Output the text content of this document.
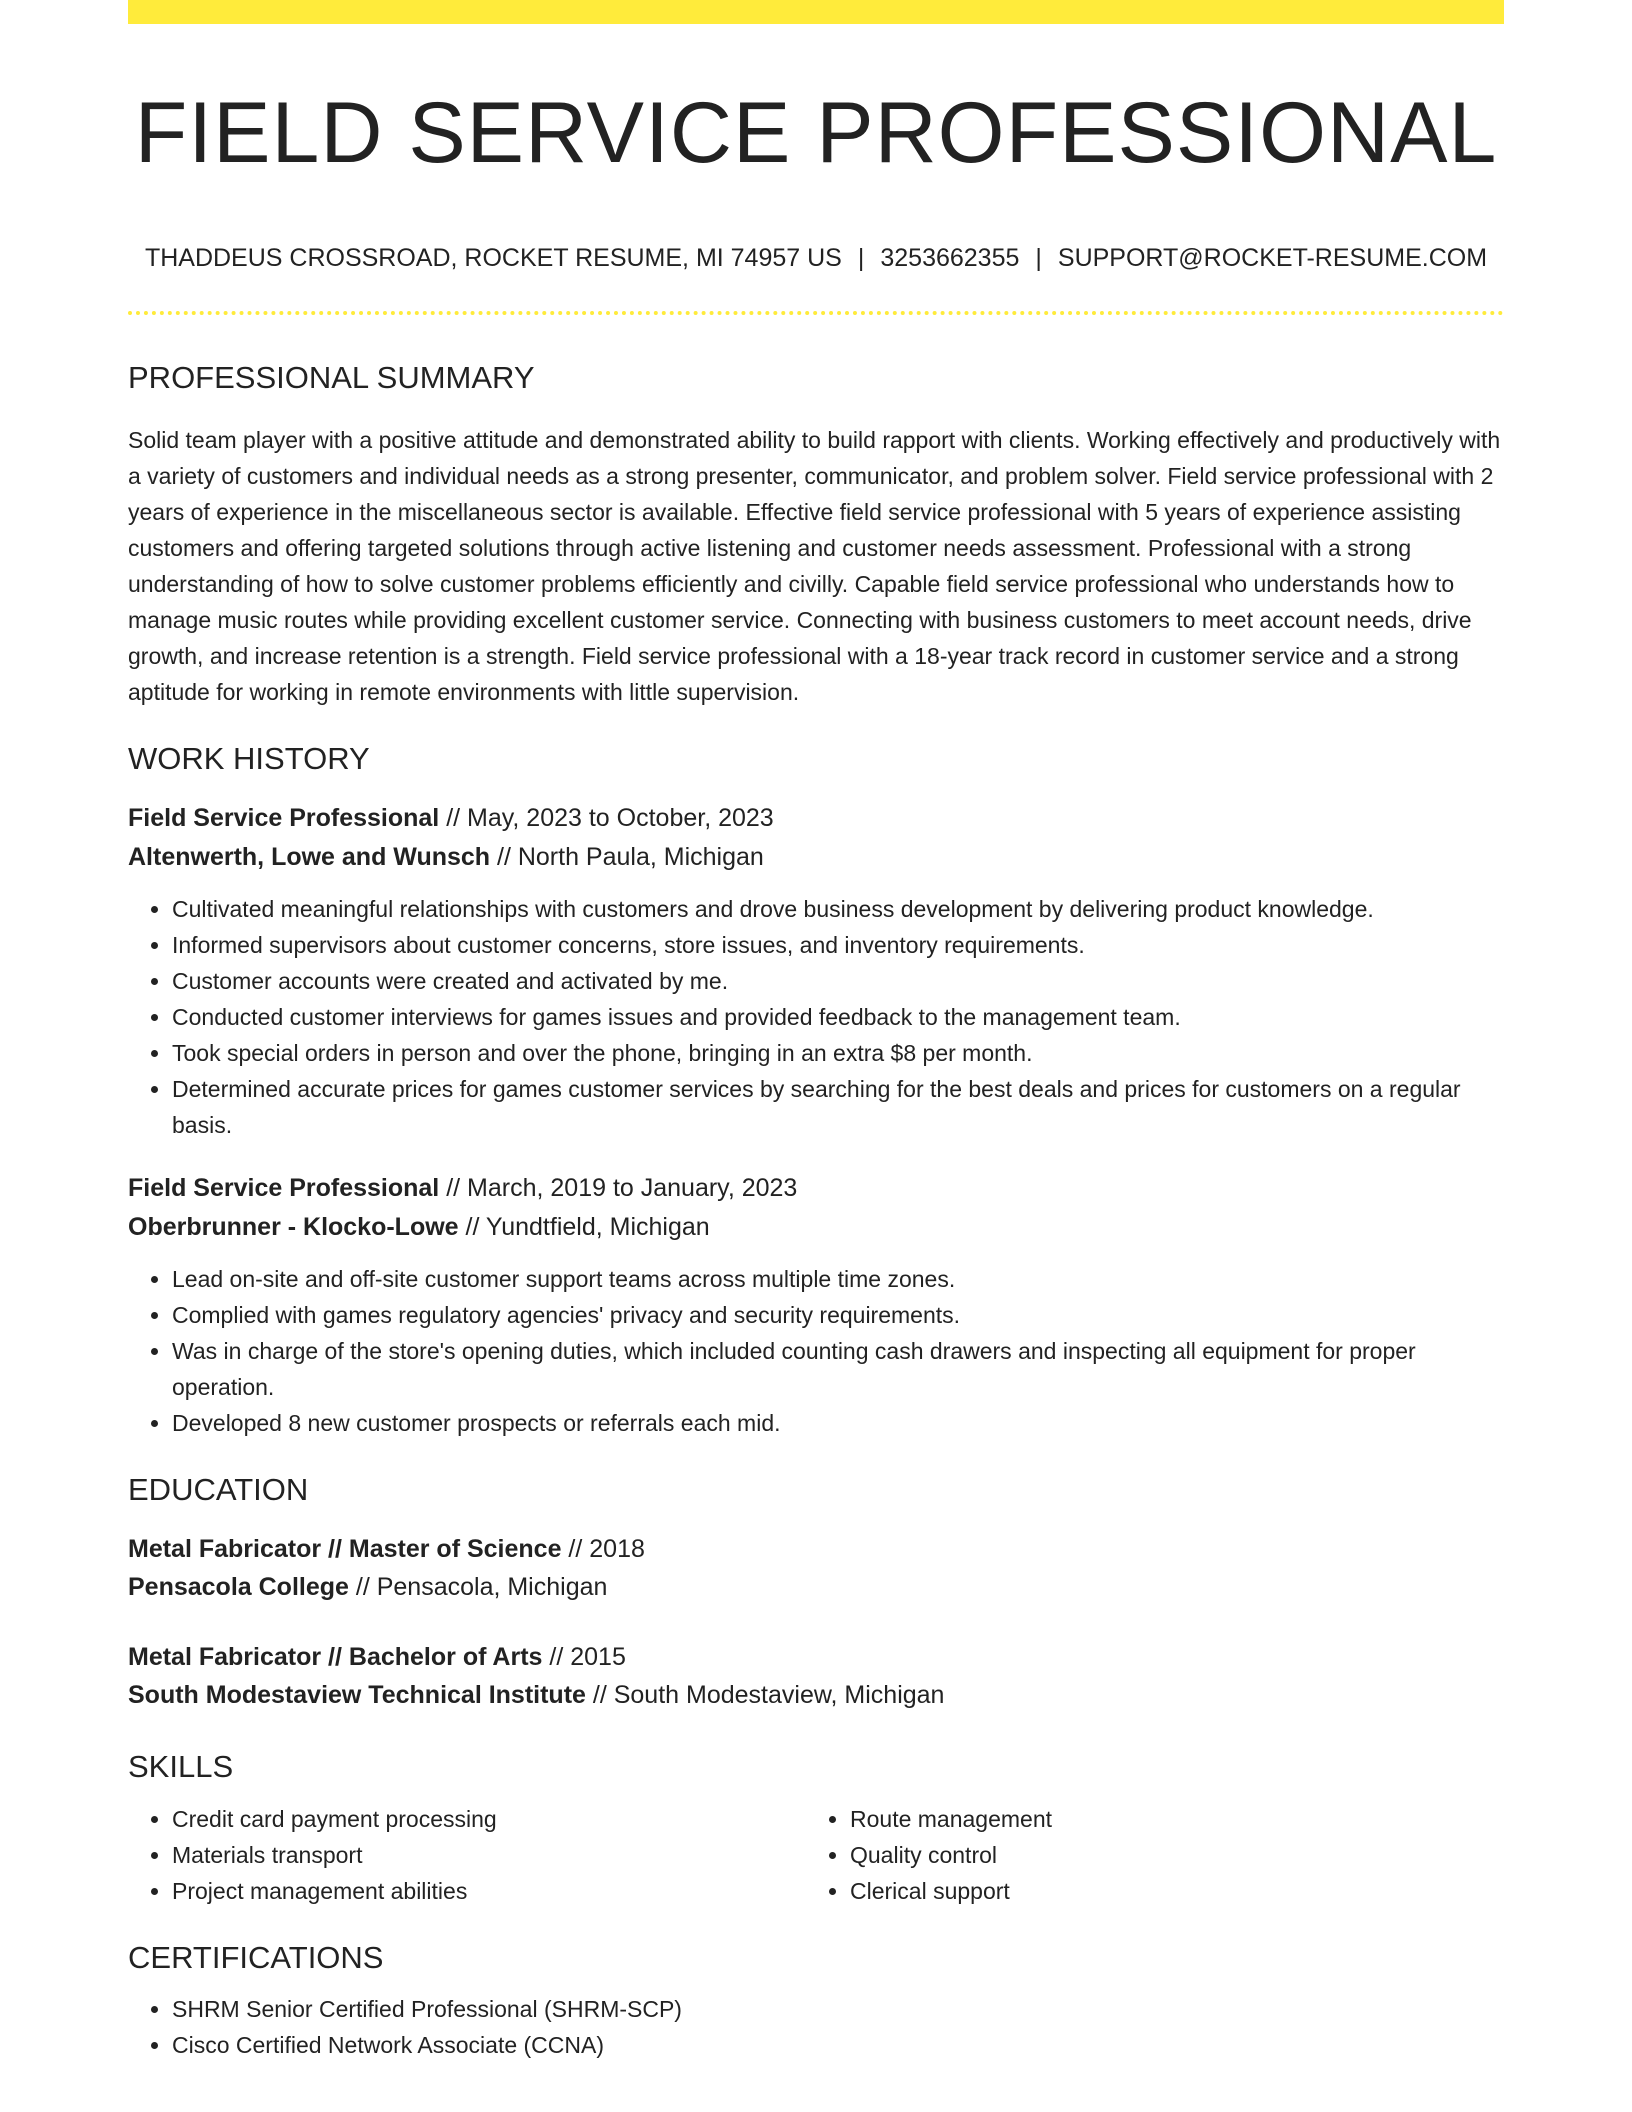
FIELD SERVICE PROFESSIONAL
THADDEUS CROSSROAD, ROCKET RESUME, MI 74957 US | 3253662355 | SUPPORT@ROCKET-RESUME.COM
PROFESSIONAL SUMMARY

Solid team player with a positive attitude and demonstrated ability to build rapport with clients. Working effectively and productively with a variety of customers and individual needs as a strong presenter, communicator, and problem solver. Field service professional with 2 years of experience in the miscellaneous sector is available. Effective field service professional with 5 years of experience assisting customers and offering targeted solutions through active listening and customer needs assessment. Professional with a strong understanding of how to solve customer problems efficiently and civilly. Capable field service professional who understands how to manage music routes while providing excellent customer service. Connecting with business customers to meet account needs, drive growth, and increase retention is a strength. Field service professional with a 18-year track record in customer service and a strong aptitude for working in remote environments with little supervision.

WORK HISTORY
Field Service Professional // May, 2023 to October, 2023
Altenwerth, Lowe and Wunsch // North Paula, Michigan
• Cultivated meaningful relationships with customers and drove business development by delivering product knowledge.
• Informed supervisors about customer concerns, store issues, and inventory requirements.
• Customer accounts were created and activated by me.
• Conducted customer interviews for games issues and provided feedback to the management team.
• Took special orders in person and over the phone, bringing in an extra $8 per month.
• Determined accurate prices for games customer services by searching for the best deals and prices for customers on a regular basis.
Field Service Professional // March, 2019 to January, 2023
Oberbrunner - Klocko-Lowe // Yundtfield, Michigan
• Lead on-site and off-site customer support teams across multiple time zones.
• Complied with games regulatory agencies' privacy and security requirements.
• Was in charge of the store's opening duties, which included counting cash drawers and inspecting all equipment for proper operation.
• Developed 8 new customer prospects or referrals each mid.
EDUCATION
Metal Fabricator // Master of Science // 2018
Pensacola College // Pensacola, Michigan
Metal Fabricator // Bachelor of Arts // 2015
South Modestaview Technical Institute // South Modestaview, Michigan
SKILLS
• Credit card payment processing
• Materials transport
• Project management abilities
• Route management
• Quality control
• Clerical support
CERTIFICATIONS
• SHRM Senior Certified Professional (SHRM-SCP)
• Cisco Certified Network Associate (CCNA)
